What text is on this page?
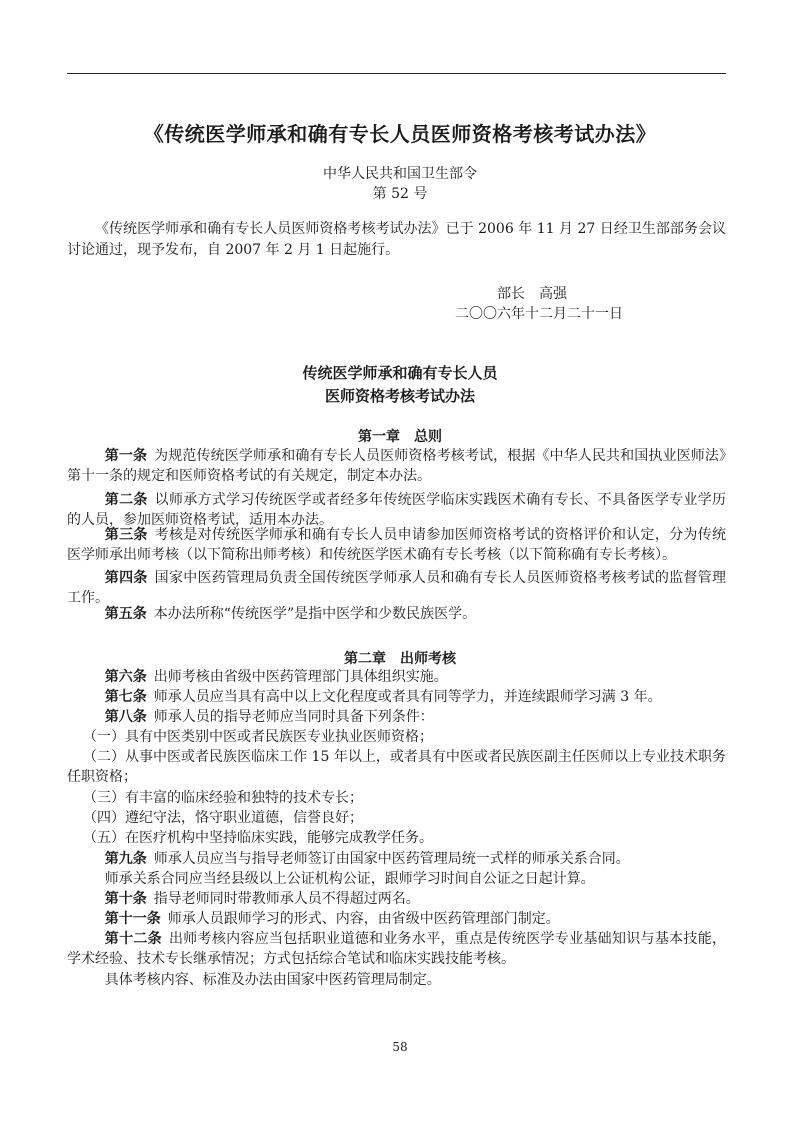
《传统医学师承和确有专长人员医师资格考核考试办法》
中华人民共和国卫生部令
第 52 号
《传统医学师承和确有专长人员医师资格考核考试办法》已于 2006 年 11 月 27 日经卫生部部务会议讨论通过，现予发布，自 2007 年 2 月 1 日起施行。
部长　高强
二〇〇六年十二月二十一日
传统医学师承和确有专长人员
医师资格考核考试办法
第一章　总则
第一条 为规范传统医学师承和确有专长人员医师资格考核考试，根据《中华人民共和国执业医师法》第十一条的规定和医师资格考试的有关规定，制定本办法。
第二条 以师承方式学习传统医学或者经多年传统医学临床实践医术确有专长、不具备医学专业学历的人员，参加医师资格考试，适用本办法。
第三条 考核是对传统医学师承和确有专长人员申请参加医师资格考试的资格评价和认定，分为传统医学师承出师考核（以下简称出师考核）和传统医学医术确有专长考核（以下简称确有专长考核）。
第四条 国家中医药管理局负责全国传统医学师承人员和确有专长人员医师资格考核考试的监督管理工作。
第五条 本办法所称“传统医学”是指中医学和少数民族医学。
第二章　出师考核
第六条 出师考核由省级中医药管理部门具体组织实施。
第七条 师承人员应当具有高中以上文化程度或者具有同等学力，并连续跟师学习满 3 年。
第八条 师承人员的指导老师应当同时具备下列条件：
（一）具有中医类别中医或者民族医专业执业医师资格；
（二）从事中医或者民族医临床工作 15 年以上，或者具有中医或者民族医副主任医师以上专业技术职务任职资格；
（三）有丰富的临床经验和独特的技术专长；
（四）遵纪守法，恪守职业道德，信誉良好；
（五）在医疗机构中坚持临床实践，能够完成教学任务。
第九条 师承人员应当与指导老师签订由国家中医药管理局统一式样的师承关系合同。
师承关系合同应当经县级以上公证机构公证，跟师学习时间自公证之日起计算。
第十条 指导老师同时带教师承人员不得超过两名。
第十一条 师承人员跟师学习的形式、内容，由省级中医药管理部门制定。
第十二条 出师考核内容应当包括职业道德和业务水平，重点是传统医学专业基础知识与基本技能，学术经验、技术专长继承情况；方式包括综合笔试和临床实践技能考核。
具体考核内容、标准及办法由国家中医药管理局制定。
58
